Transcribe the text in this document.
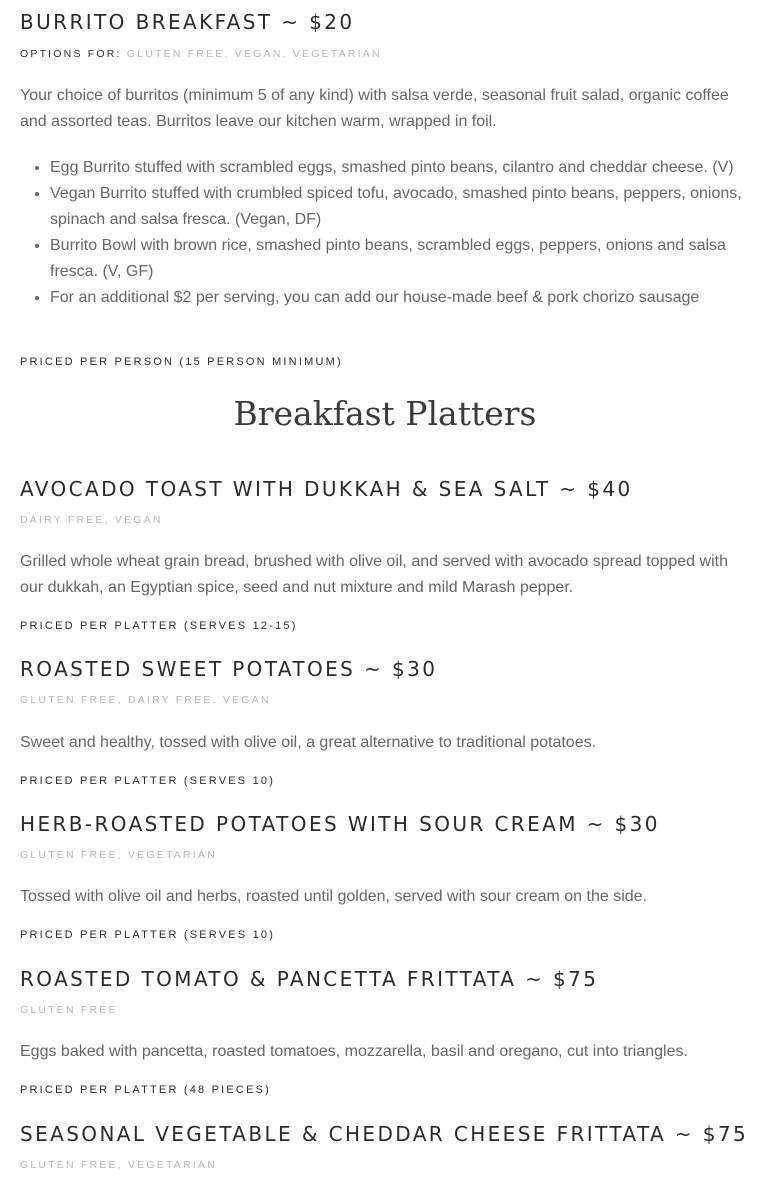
BURRITO BREAKFAST ~ $20
OPTIONS FOR: GLUTEN FREE, VEGAN, VEGETARIAN

Your choice of burritos (minimum 5 of any kind) with salsa verde, seasonal fruit salad, organic coffee and assorted teas. Burritos leave our kitchen warm, wrapped in foil.

• Egg Burrito stuffed with scrambled eggs, smashed pinto beans, cilantro and cheddar cheese. (V)
• Vegan Burrito stuffed with crumbled spiced tofu, avocado, smashed pinto beans, peppers, onions, spinach and salsa fresca. (Vegan, DF)
• Burrito Bowl with brown rice, smashed pinto beans, scrambled eggs, peppers, onions and salsa fresca. (V, GF)
• For an additional $2 per serving, you can add our house-made beef & pork chorizo sausage
PRICED PER PERSON (15 PERSON MINIMUM)
Breakfast Platters
AVOCADO TOAST WITH DUKKAH & SEA SALT ~ $40
DAIRY FREE, VEGAN

Grilled whole wheat grain bread, brushed with olive oil, and served with avocado spread topped with our dukkah, an Egyptian spice, seed and nut mixture and mild Marash pepper.

PRICED PER PLATTER (SERVES 12-15)
ROASTED SWEET POTATOES ~ $30
GLUTEN FREE, DAIRY FREE, VEGAN

Sweet and healthy, tossed with olive oil, a great alternative to traditional potatoes.

PRICED PER PLATTER (SERVES 10)
HERB-ROASTED POTATOES WITH SOUR CREAM ~ $30
GLUTEN FREE, VEGETARIAN

Tossed with olive oil and herbs, roasted until golden, served with sour cream on the side.

PRICED PER PLATTER (SERVES 10)
ROASTED TOMATO & PANCETTA FRITTATA ~ $75
GLUTEN FREE

Eggs baked with pancetta, roasted tomatoes, mozzarella, basil and oregano, cut into triangles.

PRICED PER PLATTER (48 PIECES)
SEASONAL VEGETABLE & CHEDDAR CHEESE FRITTATA ~ $75
GLUTEN FREE, VEGETARIAN
